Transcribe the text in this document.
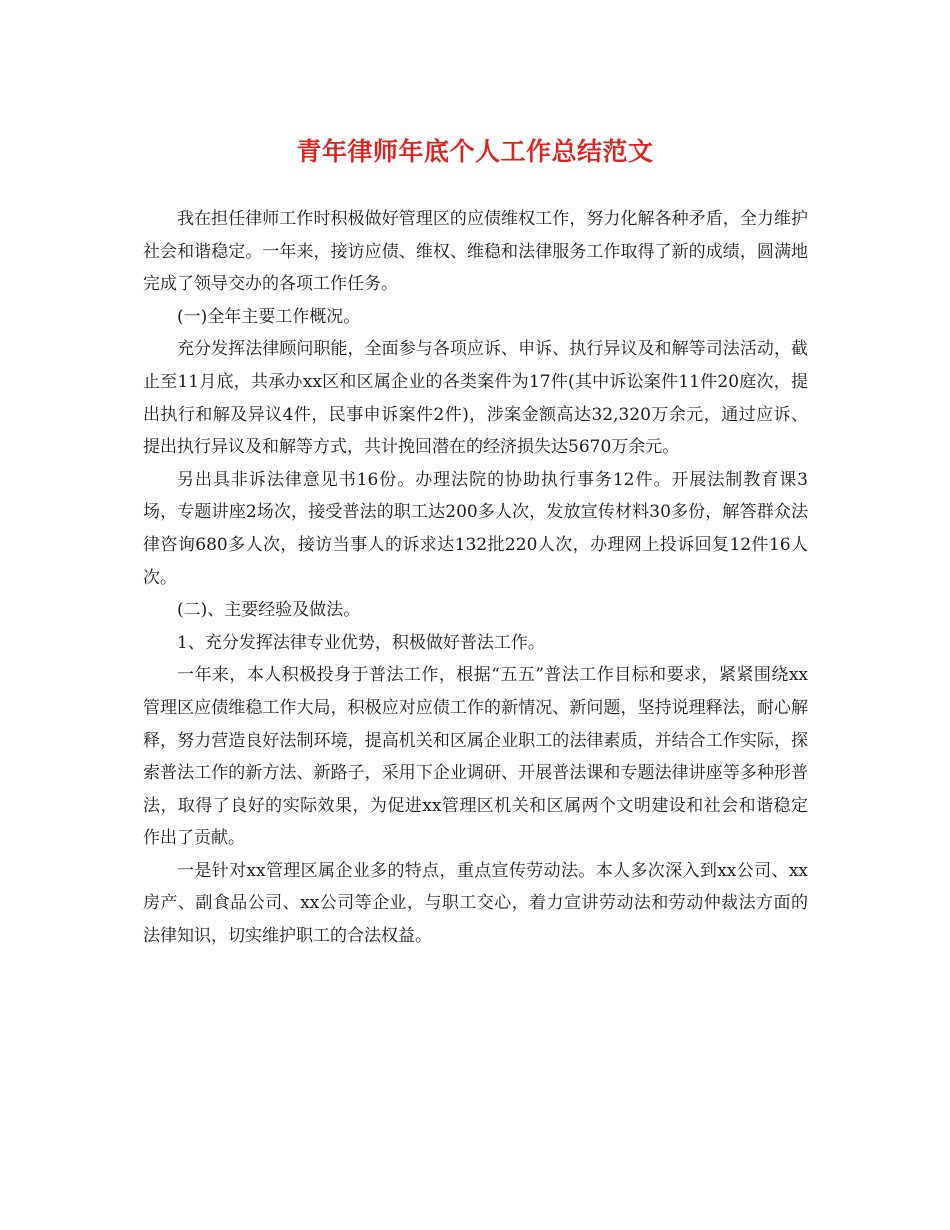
青年律师年底个人工作总结范文

我在担任律师工作时积极做好管理区的应债维权工作，努力化解各种矛盾，全力维护社会和谐稳定。一年来，接访应债、维权、维稳和法律服务工作取得了新的成绩，圆满地完成了领导交办的各项工作任务。

(一)全年主要工作概况。

充分发挥法律顾问职能，全面参与各项应诉、申诉、执行异议及和解等司法活动，截止至11月底，共承办xx区和区属企业的各类案件为17件(其中诉讼案件11件20庭次，提出执行和解及异议4件，民事申诉案件2件)，涉案金额高达32,320万余元，通过应诉、提出执行异议及和解等方式，共计挽回潜在的经济损失达5670万余元。

另出具非诉法律意见书16份。办理法院的协助执行事务12件。开展法制教育课3场，专题讲座2场次，接受普法的职工达200多人次，发放宣传材料30多份，解答群众法律咨询680多人次，接访当事人的诉求达132批220人次，办理网上投诉回复12件16人次。

(二)、主要经验及做法。

1、充分发挥法律专业优势，积极做好普法工作。

一年来，本人积极投身于普法工作，根据“五五”普法工作目标和要求，紧紧围绕xx管理区应债维稳工作大局，积极应对应债工作的新情况、新问题，坚持说理释法，耐心解释，努力营造良好法制环境，提高机关和区属企业职工的法律素质，并结合工作实际，探索普法工作的新方法、新路子，采用下企业调研、开展普法课和专题法律讲座等多种形普法，取得了良好的实际效果，为促进xx管理区机关和区属两个文明建设和社会和谐稳定作出了贡献。

一是针对xx管理区属企业多的特点，重点宣传劳动法。本人多次深入到xx公司、xx房产、副食品公司、xx公司等企业，与职工交心，着力宣讲劳动法和劳动仲裁法方面的法律知识，切实维护职工的合法权益。
